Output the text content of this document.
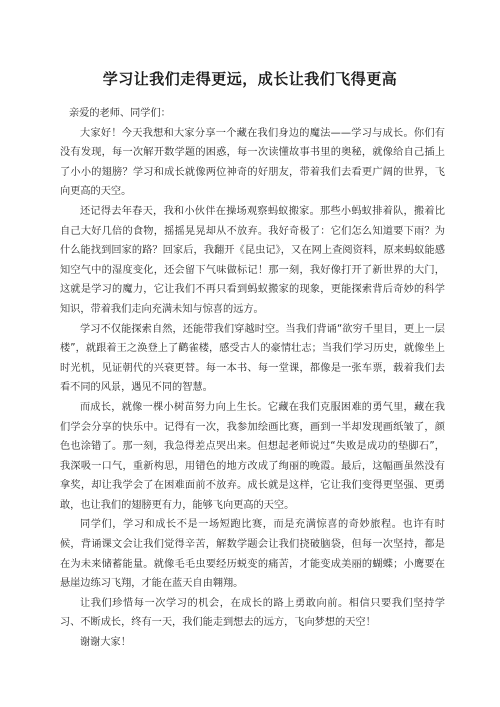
学习让我们走得更远，成长让我们飞得更高

亲爱的老师、同学们：

大家好！今天我想和大家分享一个藏在我们身边的魔法——学习与成长。你们有没有发现，每一次解开数学题的困惑，每一次读懂故事书里的奥秘，就像给自己插上了小小的翅膀？学习和成长就像两位神奇的好朋友，带着我们去看更广阔的世界，飞向更高的天空。

还记得去年春天，我和小伙伴在操场观察蚂蚁搬家。那些小蚂蚁排着队，搬着比自己大好几倍的食物，摇摇晃晃却从不放弃。我好奇极了：它们怎么知道要下雨？为什么能找到回家的路？回家后，我翻开《昆虫记》，又在网上查阅资料，原来蚂蚁能感知空气中的湿度变化，还会留下气味做标记！那一刻，我好像打开了新世界的大门，这就是学习的魔力，它让我们不再只看到蚂蚁搬家的现象，更能探索背后奇妙的科学知识，带着我们走向充满未知与惊喜的远方。

学习不仅能探索自然，还能带我们穿越时空。当我们背诵“欲穷千里目，更上一层楼”，就跟着王之涣登上了鹳雀楼，感受古人的豪情壮志；当我们学习历史，就像坐上时光机，见证朝代的兴衰更替。每一本书、每一堂课，都像是一张车票，载着我们去看不同的风景，遇见不同的智慧。

而成长，就像一棵小树苗努力向上生长。它藏在我们克服困难的勇气里，藏在我们学会分享的快乐中。记得有一次，我参加绘画比赛，画到一半却发现画纸皱了，颜色也涂错了。那一刻，我急得差点哭出来。但想起老师说过“失败是成功的垫脚石”，我深吸一口气，重新构思，用错色的地方改成了绚丽的晚霞。最后，这幅画虽然没有拿奖，却让我学会了在困难面前不放弃。成长就是这样，它让我们变得更坚强、更勇敢，也让我们的翅膀更有力，能够飞向更高的天空。

同学们，学习和成长不是一场短跑比赛，而是充满惊喜的奇妙旅程。也许有时候，背诵课文会让我们觉得辛苦，解数学题会让我们挠破脑袋，但每一次坚持，都是在为未来储蓄能量。就像毛毛虫要经历蜕变的痛苦，才能变成美丽的蝴蝶；小鹰要在悬崖边练习飞翔，才能在蓝天自由翱翔。

让我们珍惜每一次学习的机会，在成长的路上勇敢向前。相信只要我们坚持学习、不断成长，终有一天，我们能走到想去的远方，飞向梦想的天空！

谢谢大家！
